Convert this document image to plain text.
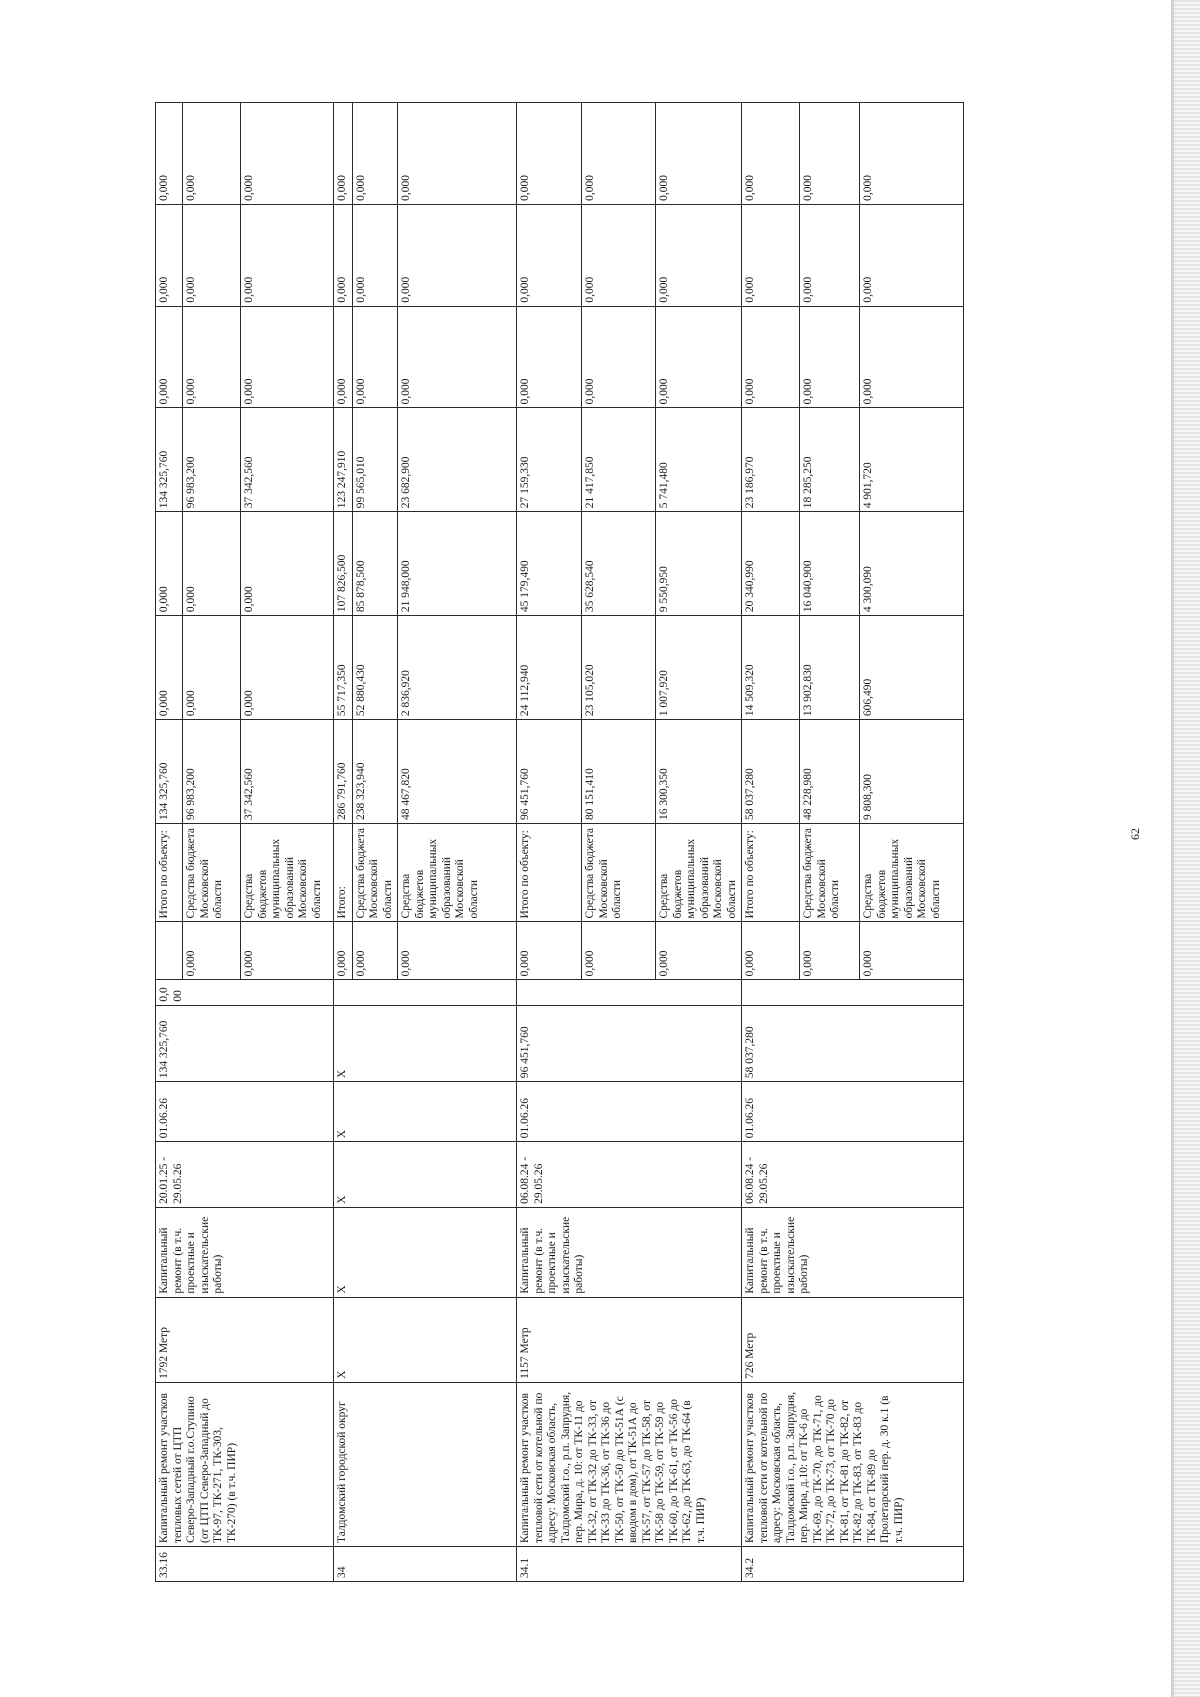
33.16	Капитальный ремонт участков тепловых сетей от ЦТП Северо-Западный г.о.Ступино (от ЦТП Северо-Западный до ТК-97, ТК-271, ТК-303, ТК-270) (в т.ч. ПИР)	1792 Метр	Капитальный ремонт (в т.ч. проектные и изыскательские работы)	20.01.25 - 29.05.26	01.06.26	134 325,760	0,000		Итого по объекту:	134 325,760	0,000	0,000	134 325,760	0,000	0,000	0,000
								0,000	Средства бюджета Московской области	96 983,200	0,000	0,000	96 983,200	0,000	0,000	0,000
								0,000	Средства бюджетов муниципальных образований Московской области	37 342,560	0,000	0,000	37 342,560	0,000	0,000	0,000
34	Талдомский городской округ	X	X	X	X	X		0,000	Итого:	286 791,760	55 717,350	107 826,500	123 247,910	0,000	0,000	0,000
								0,000	Средства бюджета Московской области	238 323,940	52 880,430	85 878,500	99 565,010	0,000	0,000	0,000
								0,000	Средства бюджетов муниципальных образований Московской области	48 467,820	2 836,920	21 948,000	23 682,900	0,000	0,000	0,000
34.1	Капитальный ремонт участков тепловой сети от котельной по адресу: Московская область, Талдомский г.о., р.п. Запрудня, пер. Мира, д. 10: от ТК-11 до ТК-32, от ТК-32 до ТК-33, от ТК-33 до ТК-36, от ТК-36 до ТК-50, от ТК-50 до ТК-51А (с вводом в дом), от ТК-51А до ТК-57, от ТК-57 до ТК-58, от ТК-58 до ТК-59, от ТК-59 до ТК-60, до ТК-61, от ТК-56 до ТК-62, до ТК-63, до ТК-64 (в т.ч. ПИР)	1157 Метр	Капитальный ремонт (в т.ч. проектные и изыскательские работы)	06.08.24 - 29.05.26	01.06.26	96 451,760		0,000	Итого по объекту:	96 451,760	24 112,940	45 179,490	27 159,330	0,000	0,000	0,000
								0,000	Средства бюджета Московской области	80 151,410	23 105,020	35 628,540	21 417,850	0,000	0,000	0,000
								0,000	Средства бюджетов муниципальных образований Московской области	16 300,350	1 007,920	9 550,950	5 741,480	0,000	0,000	0,000
34.2	Капитальный ремонт участков тепловой сети от котельной по адресу: Московская область, Талдомский г.о., р.п. Запрудня, пер. Мира, д.10: от ТК-6 до ТК-69, до ТК-70, до ТК-71, до ТК-72, до ТК-73, от ТК-70 до ТК-81, от ТК-81 до ТК-82, от ТК-82 до ТК-83, от ТК-83 до ТК-84, от ТК-89 до Пролетарский пер. д. 30 к.1 (в т.ч. ПИР)	726 Метр	Капитальный ремонт (в т.ч. проектные и изыскательские работы)	06.08.24 - 29.05.26	01.06.26	58 037,280		0,000	Итого по объекту:	58 037,280	14 509,320	20 340,990	23 186,970	0,000	0,000	0,000
								0,000	Средства бюджета Московской области	48 228,980	13 902,830	16 040,900	18 285,250	0,000	0,000	0,000
								0,000	Средства бюджетов муниципальных образований Московской области	9 808,300	606,490	4 300,090	4 901,720	0,000	0,000	0,000
62
